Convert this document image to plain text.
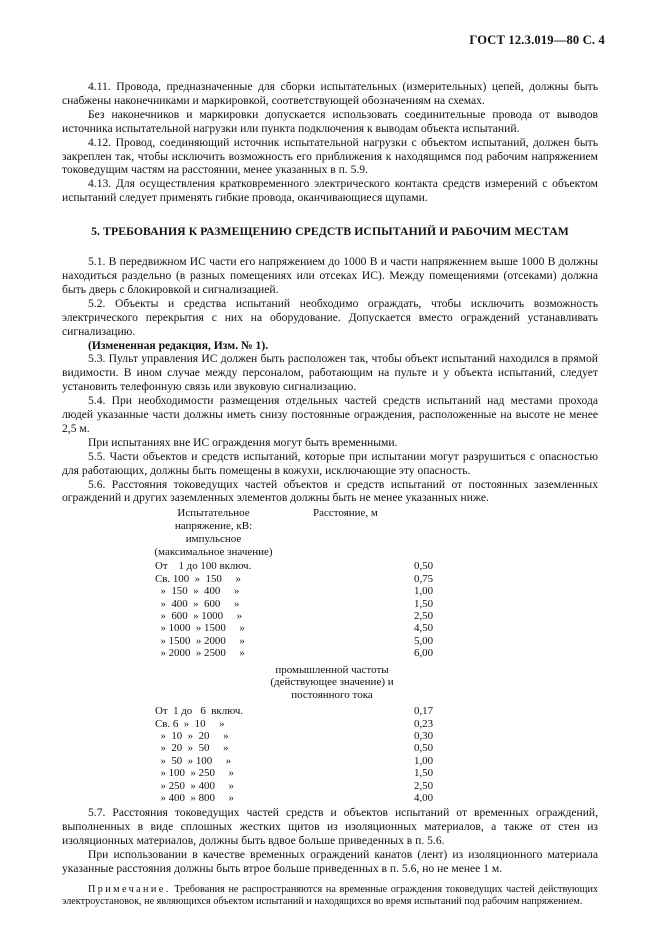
ГОСТ 12.3.019—80 С. 4

4.11. Провода, предназначенные для сборки испытательных (измерительных) цепей, должны быть снабжены наконечниками и маркировкой, соответствующей обозначениям на схемах.

Без наконечников и маркировки допускается использовать соединительные провода от выводов источника испытательной нагрузки или пункта подключения к выводам объекта испытаний.

4.12. Провод, соединяющий источник испытательной нагрузки с объектом испытаний, должен быть закреплен так, чтобы исключить возможность его приближения к находящимся под рабочим напряжением токоведущим частям на расстоянии, менее указанных в п. 5.9.

4.13. Для осуществления кратковременного электрического контакта средств измерений с объектом испытаний следует применять гибкие провода, оканчивающиеся щупами.

5. ТРЕБОВАНИЯ К РАЗМЕЩЕНИЮ СРЕДСТВ ИСПЫТАНИЙ И РАБОЧИМ МЕСТАМ

5.1. В передвижном ИС части его напряжением до 1000 В и части напряжением выше 1000 В должны находиться раздельно (в разных помещениях или отсеках ИС). Между помещениями (отсеками) должна быть дверь с блокировкой и сигнализацией.

5.2. Объекты и средства испытаний необходимо ограждать, чтобы исключить возможность электрического перекрытия с них на оборудование. Допускается вместо ограждений устанавливать сигнализацию.

(Измененная редакция, Изм. № 1).

5.3. Пульт управления ИС должен быть расположен так, чтобы объект испытаний находился в прямой видимости. В ином случае между персоналом, работающим на пульте и у объекта испытаний, следует установить телефонную связь или звуковую сигнализацию.

5.4. При необходимости размещения отдельных частей средств испытаний над местами прохода людей указанные части должны иметь снизу постоянные ограждения, расположенные на высоте не менее 2,5 м.

При испытаниях вне ИС ограждения могут быть временными.

5.5. Части объектов и средств испытаний, которые при испытании могут разрушиться с опасностью для работающих, должны быть помещены в кожухи, исключающие эту опасность.

5.6. Расстояния токоведущих частей объектов и средств испытаний от постоянных заземленных ограждений и других заземленных элементов должны быть не менее указанных ниже.

Испытательное напряжение, кВ: импульсное (максимальное значение)
Расстояние, м
От    1 до 100 включ.	0,50
Св. 100  »  150     »	0,75
»  150  »  400     »	1,00
»  400  »  600     »	1,50
»  600  » 1000     »	2,50
» 1000  » 1500     »	4,50
» 1500  » 2000     »	5,00
» 2000  » 2500     »	6,00
промышленной частоты (действующее значение) и постоянного тока
От  1 до   6  включ.	0,17
Св. 6  »  10     »	0,23
»  10  »  20     »	0,30
»  20  »  50     »	0,50
»  50  » 100     »	1,00
» 100  » 250     »	1,50
» 250  » 400     »	2,50
» 400  » 800     »	4,00

5.7. Расстояния токоведущих частей средств и объектов испытаний от временных ограждений, выполненных в виде сплошных жестких щитов из изоляционных материалов, а также от стен из изоляционных материалов, должны быть вдвое больше приведенных в п. 5.6.

При использовании в качестве временных ограждений канатов (лент) из изоляционного материала указанные расстояния должны быть втрое больше приведенных в п. 5.6, но не менее 1 м.

Примечание. Требования не распространяются на временные ограждения токоведущих частей действующих электроустановок, не являющихся объектом испытаний и находящихся во время испытаний под рабочим напряжением.
